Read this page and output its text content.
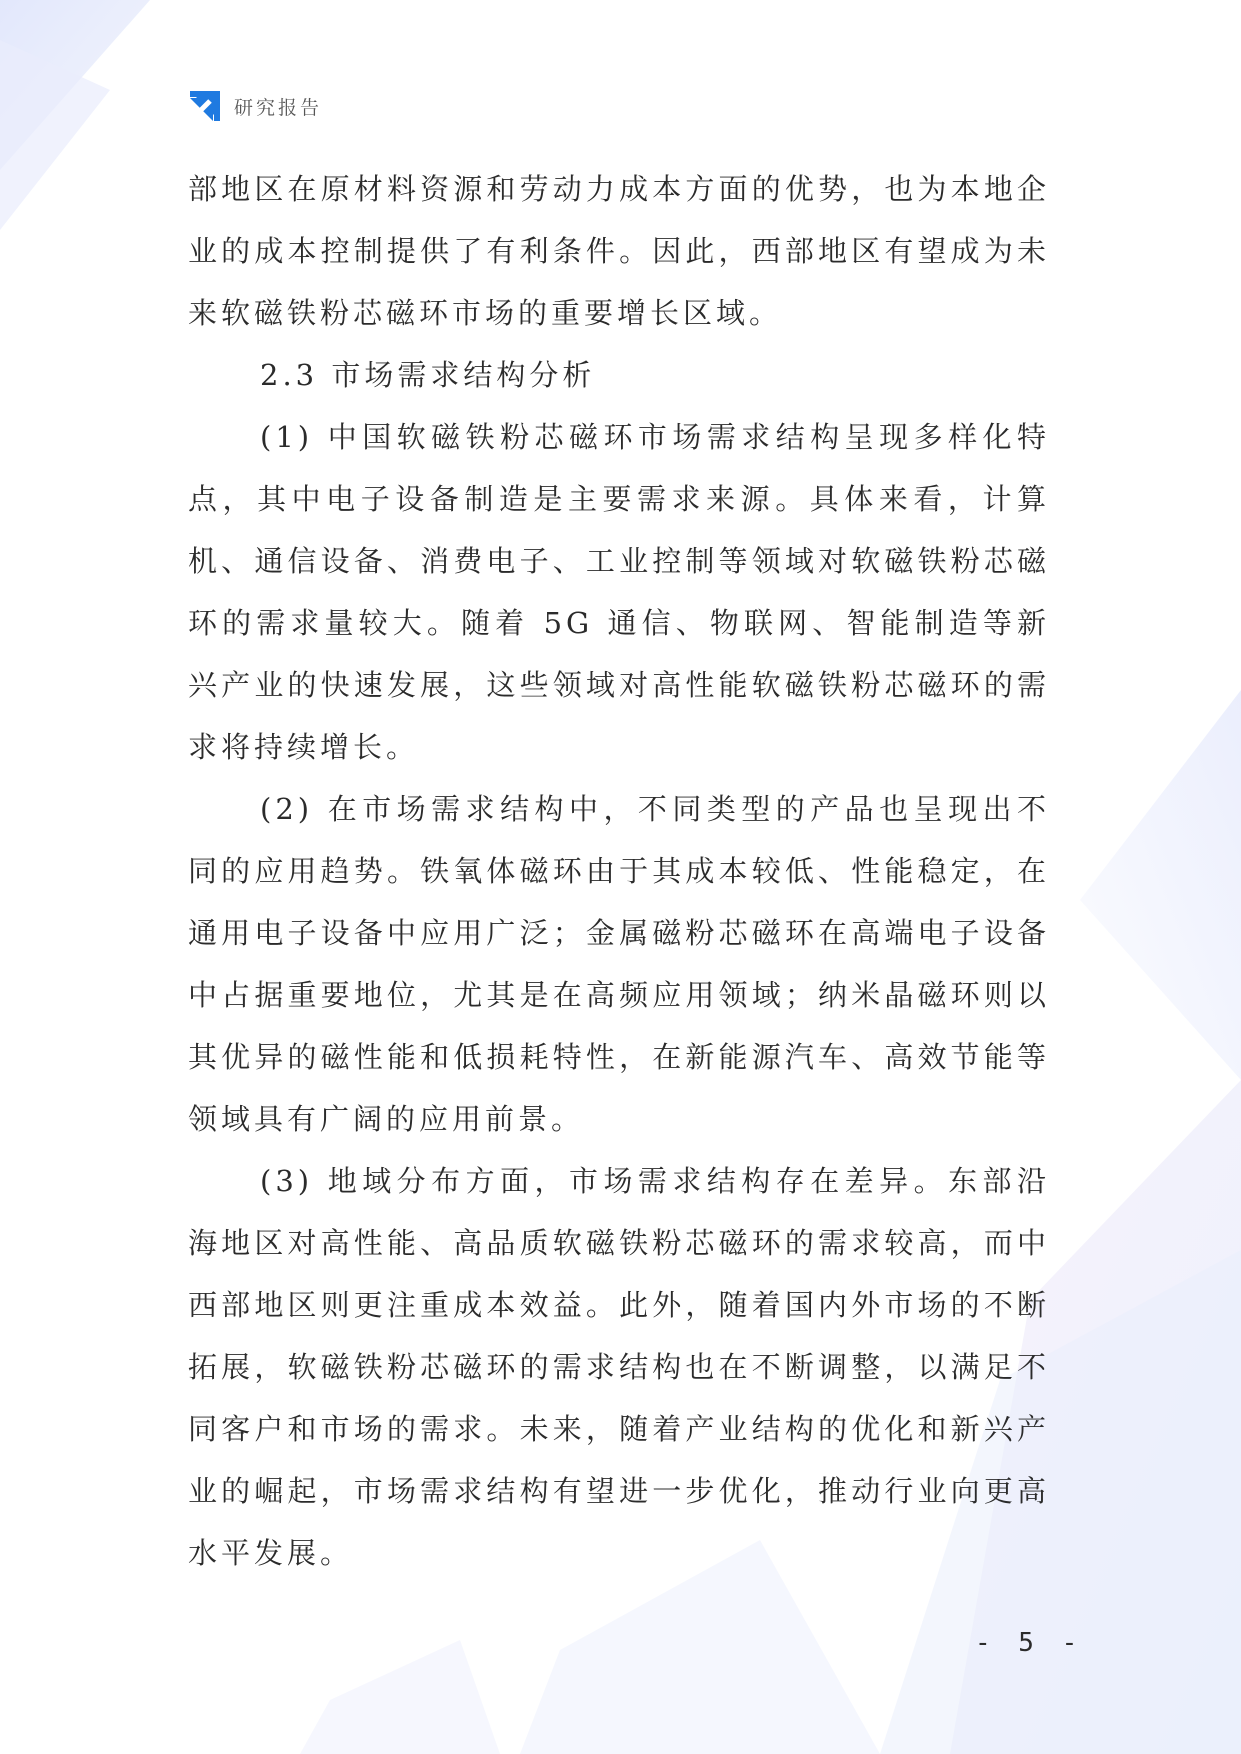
研究报告

部地区在原材料资源和劳动力成本方面的优势，也为本地企业的成本控制提供了有利条件。因此，西部地区有望成为未来软磁铁粉芯磁环市场的重要增长区域。

2.3 市场需求结构分析

(1) 中国软磁铁粉芯磁环市场需求结构呈现多样化特点，其中电子设备制造是主要需求来源。具体来看，计算机、通信设备、消费电子、工业控制等领域对软磁铁粉芯磁环的需求量较大。随着 5G 通信、物联网、智能制造等新兴产业的快速发展，这些领域对高性能软磁铁粉芯磁环的需求将持续增长。

(2) 在市场需求结构中，不同类型的产品也呈现出不同的应用趋势。铁氧体磁环由于其成本较低、性能稳定，在通用电子设备中应用广泛；金属磁粉芯磁环在高端电子设备中占据重要地位，尤其是在高频应用领域；纳米晶磁环则以其优异的磁性能和低损耗特性，在新能源汽车、高效节能等领域具有广阔的应用前景。

(3) 地域分布方面，市场需求结构存在差异。东部沿海地区对高性能、高品质软磁铁粉芯磁环的需求较高，而中西部地区则更注重成本效益。此外，随着国内外市场的不断拓展，软磁铁粉芯磁环的需求结构也在不断调整，以满足不同客户和市场的需求。未来，随着产业结构的优化和新兴产业的崛起，市场需求结构有望进一步优化，推动行业向更高水平发展。

- 5 -
